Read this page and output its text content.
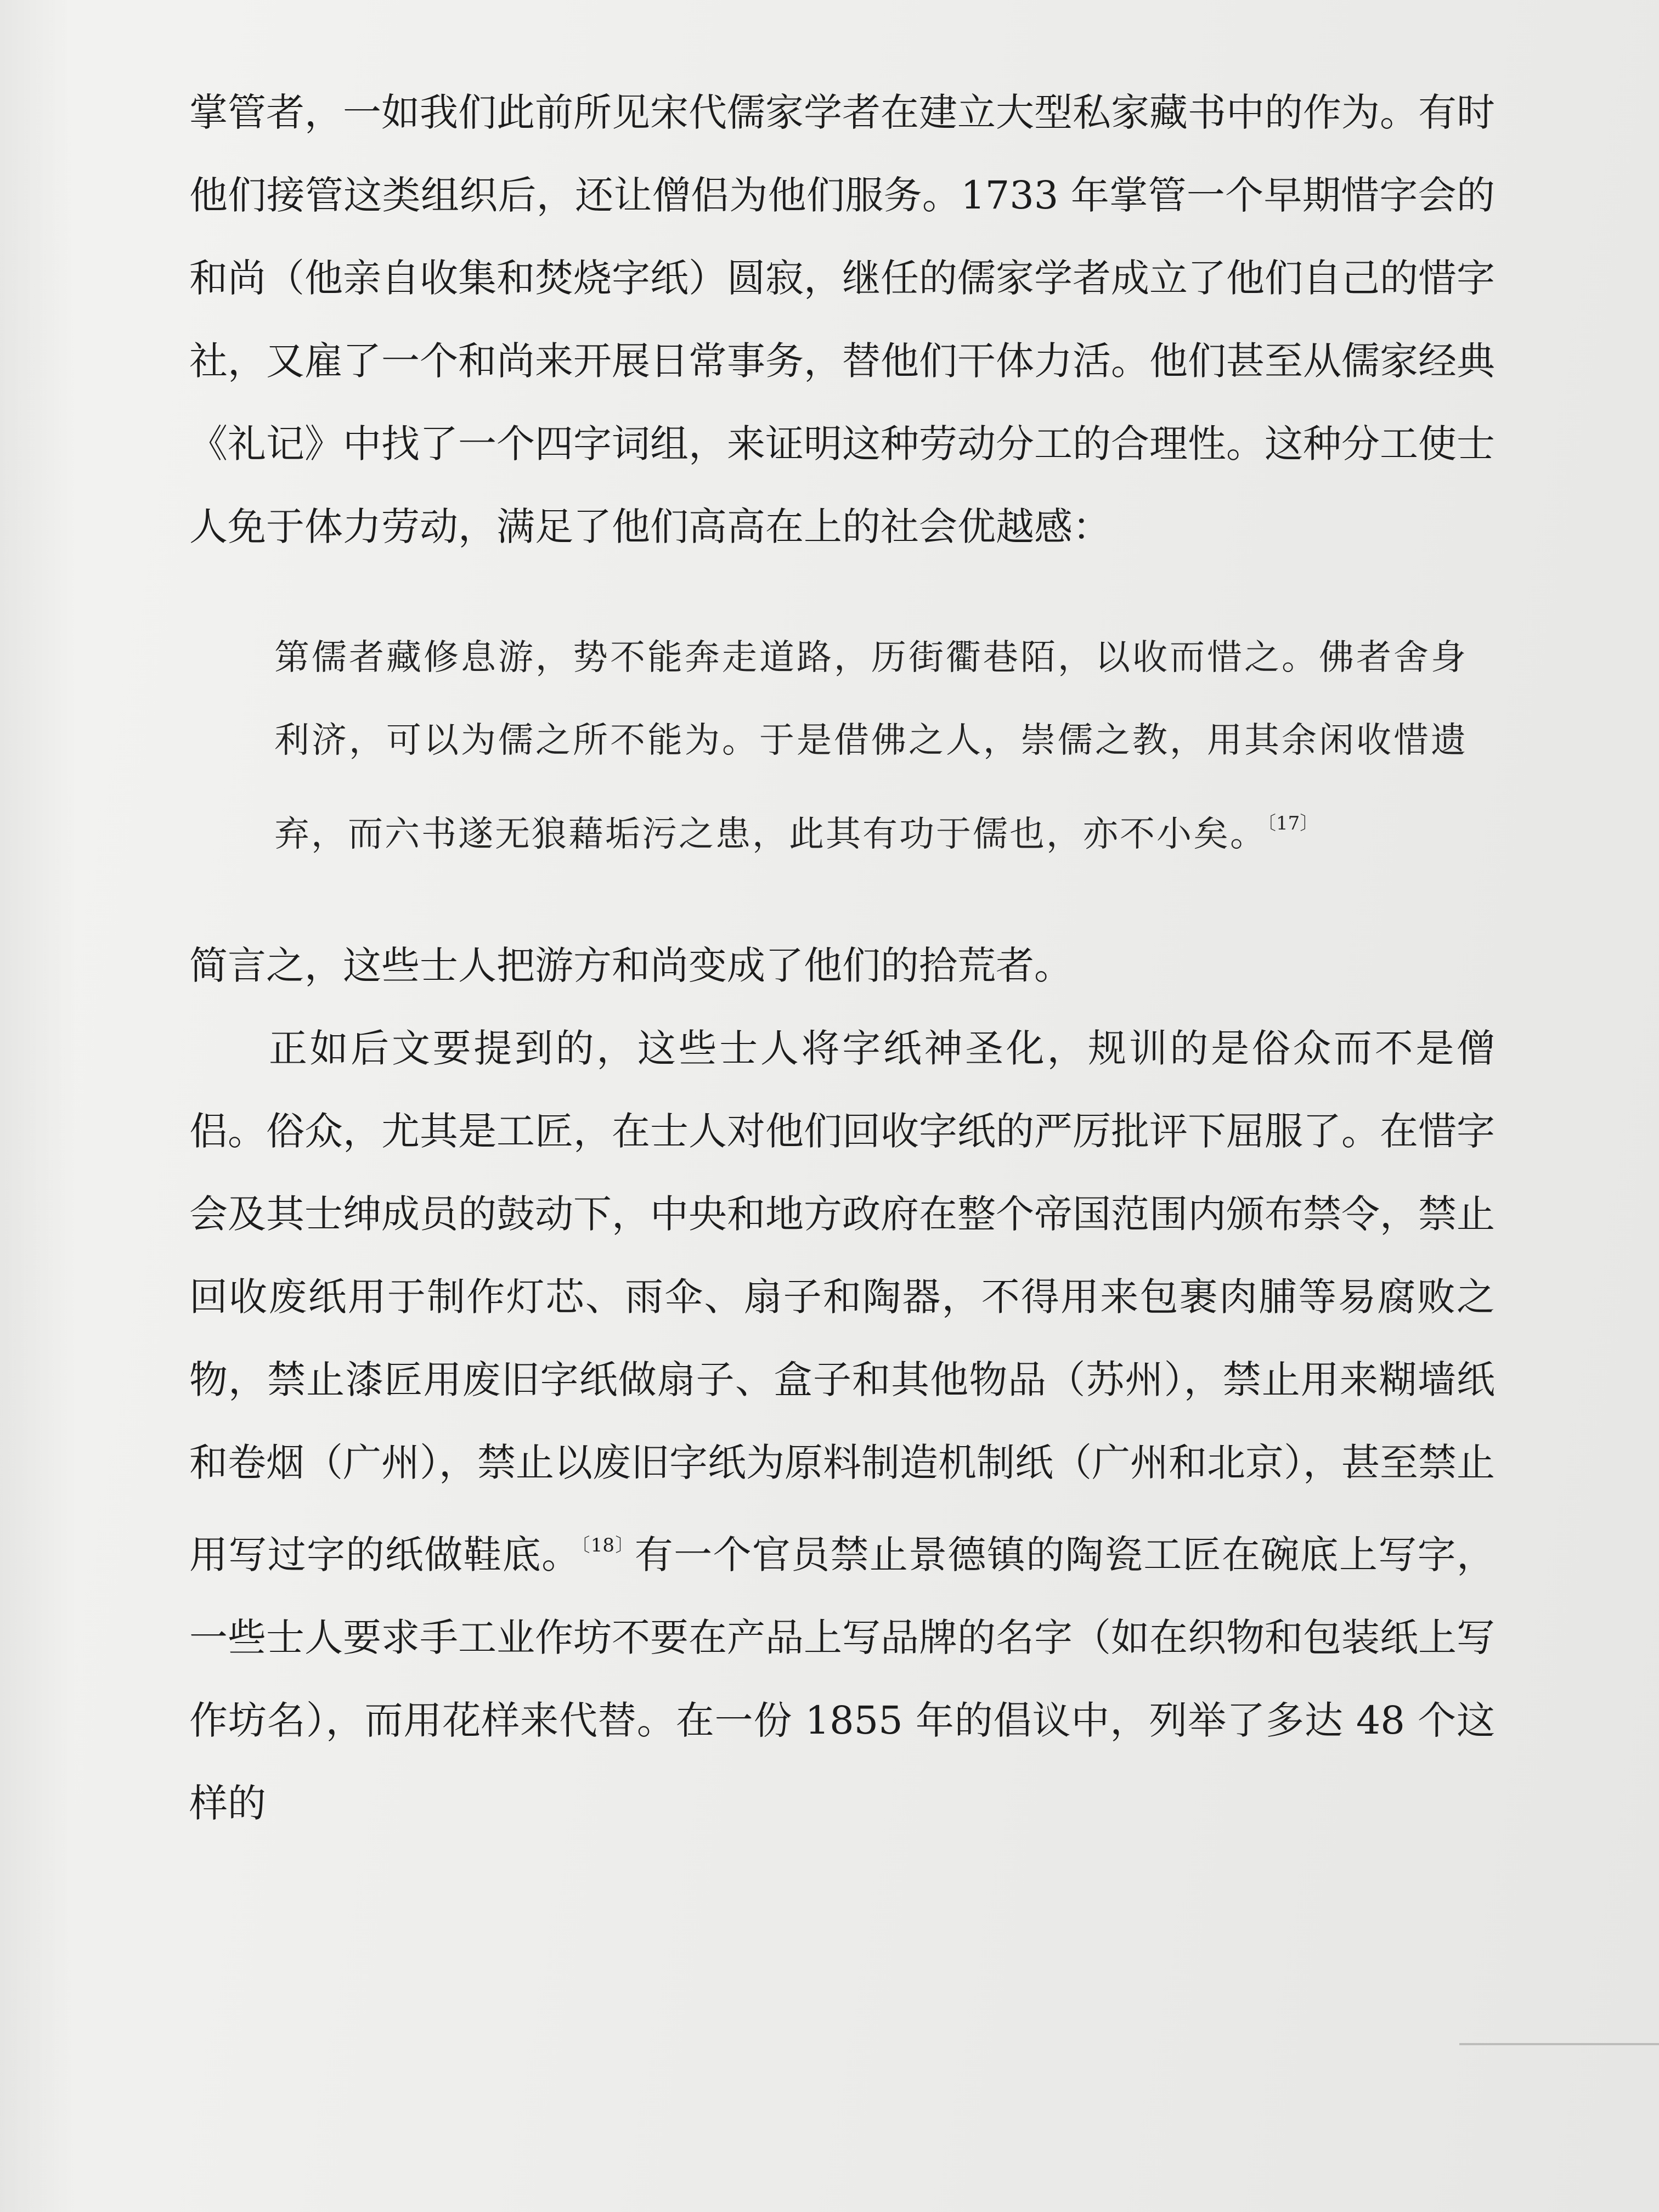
掌管者，一如我们此前所见宋代儒家学者在建立大型私家藏书中的作为。有时他们接管这类组织后，还让僧侣为他们服务。1733 年掌管一个早期惜字会的和尚（他亲自收集和焚烧字纸）圆寂，继任的儒家学者成立了他们自己的惜字社，又雇了一个和尚来开展日常事务，替他们干体力活。他们甚至从儒家经典《礼记》中找了一个四字词组，来证明这种劳动分工的合理性。这种分工使士人免于体力劳动，满足了他们高高在上的社会优越感：

第儒者藏修息游，势不能奔走道路，历街衢巷陌，以收而惜之。佛者舍身利济，可以为儒之所不能为。于是借佛之人，崇儒之教，用其余闲收惜遗弃，而六书遂无狼藉垢污之患，此其有功于儒也，亦不小矣。$^{〔17〕}$

简言之，这些士人把游方和尚变成了他们的拾荒者。

正如后文要提到的，这些士人将字纸神圣化，规训的是俗众而不是僧侣。俗众，尤其是工匠，在士人对他们回收字纸的严厉批评下屈服了。在惜字会及其士绅成员的鼓动下，中央和地方政府在整个帝国范围内颁布禁令，禁止回收废纸用于制作灯芯、雨伞、扇子和陶器，不得用来包裹肉脯等易腐败之物，禁止漆匠用废旧字纸做扇子、盒子和其他物品（苏州），禁止用来糊墙纸和卷烟（广州），禁止以废旧字纸为原料制造机制纸（广州和北京），甚至禁止用写过字的纸做鞋底。$^{〔18〕}$有一个官员禁止景德镇的陶瓷工匠在碗底上写字，一些士人要求手工业作坊不要在产品上写品牌的名字（如在织物和包装纸上写作坊名），而用花样来代替。在一份 1855 年的倡议中，列举了多达 48 个这样的
